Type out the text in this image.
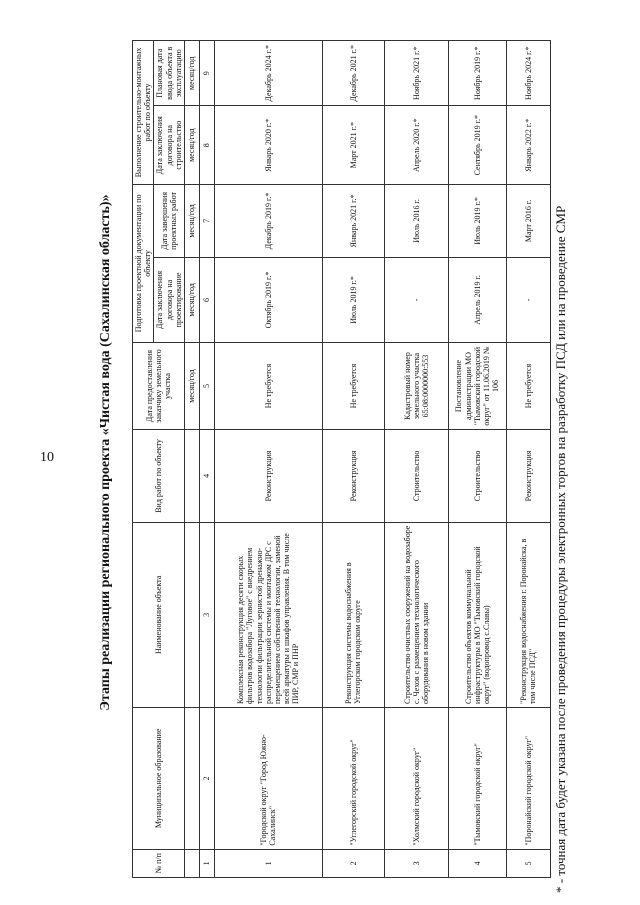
10	Этапы реализации регионального проекта «Чистая вода (Сахалинская область)»
№ п/п	Муниципальное образование	Наименование объекта	Вид работ по объекту	Дата предоставления заказчику земельного участка	Подготовка проектной документации по объекту		Выполнение строительно-монтажных работ по объекту	
					Дата заключения договора на проектирование	Дата завершения проектных работ	Дата заключения договора на строительство	Плановая дата ввода объекта в эксплуатацию
				месяц/год	месяц/год	месяц/год	месяц/год	месяц/год
1	2	3	4	5	6	7	8	9
1	"Городской округ "Город Южно-Сахалинск"	Комплексная реконструкция десяти скорых фильтров водозабора "Луговое" с внедрением технологии фильтрации зернистой дренажно-распределительной системы и монтажом ДРС с перемещением собственной технологии, заменой всей арматуры и шкафов управления. В том числе ПИР, СМР и ПНР	Реконструкция	Не требуется	Октябрь 2019 г.*	Декабрь 2019 г.*	Январь 2020 г.*	Декабрь 2024 г.*
2	"Углегорский городской округ"	Реконструкция системы водоснабжения в Углегорском городском округе	Реконструкция	Не требуется	Июль 2019 г.*	Январь 2021 г.*	Март 2021 г.*	Декабрь 2021 г.*
3	"Холмский городской округ"	Строительство очистных сооружений на водозаборе с. Чехов с размещением технологического оборудования в новом здании	Строительство	Кадастровый номер земельного участка 65:08:0000000:553	-	Июль 2016 г.	Апрель 2020 г.*	Ноябрь 2021 г.*
4	"Тымовский городской округ"	Строительство объектов коммунальной инфраструктуры в МО "Тымовский городской округ" (водопровод с.Славы)	Строительство	Постановление администрации МО "Тымовский городской округ" от 11.06.2019 № 106	Апрель 2019 г.	Июль 2019 г.*	Сентябрь 2019 г.*	Ноябрь 2019 г.*
5	"Поронайский городской округ"	"Реконструкция водоснабжения г. Поронайска, в том числе ПСД"	Реконструкция	Не требуется	-	Март 2016 г.	Январь 2022 г.*	Ноябрь 2024 г.*
* - точная дата будет указана после проведения процедуры электронных торгов на разработку ПСД или на проведение СМР
